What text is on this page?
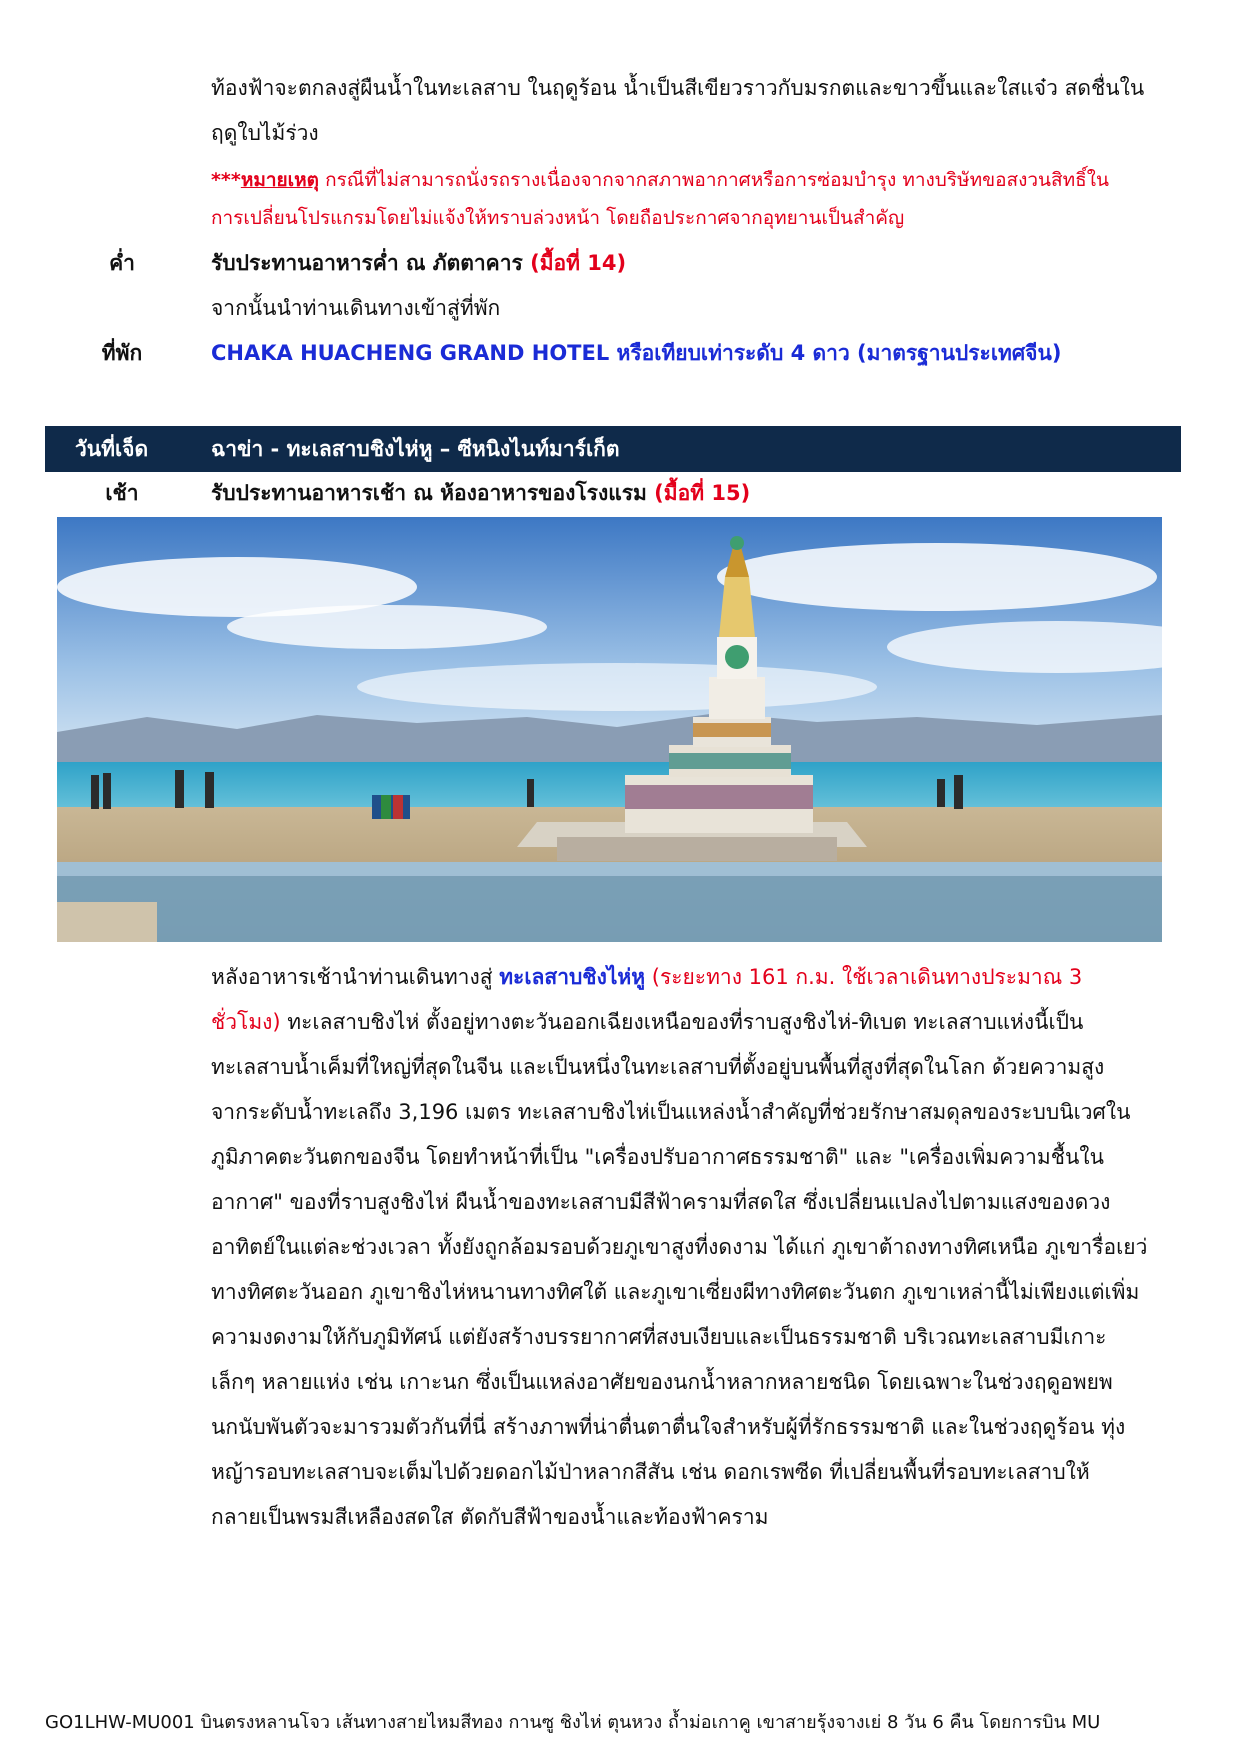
ท้องฟ้าจะตกลงสู่ผืนน้ำในทะเลสาบ ในฤดูร้อน น้ำเป็นสีเขียวราวกับมรกตและขาวขึ้นและใสแจ๋ว สดชื่นใน
ฤดูใบไม้ร่วง
***หมายเหตุ กรณีที่ไม่สามารถนั่งรถรางเนื่องจากจากสภาพอากาศหรือการซ่อมบำรุง ทางบริษัทขอสงวนสิทธิ์ใน
การเปลี่ยนโปรแกรมโดยไม่แจ้งให้ทราบล่วงหน้า โดยถือประกาศจากอุทยานเป็นสำคัญ
ค่ำ	รับประทานอาหารค่ำ ณ ภัตตาคาร (มื้อที่ 14)
จากนั้นนำท่านเดินทางเข้าสู่ที่พัก
ที่พัก	CHAKA HUACHENG GRAND HOTEL หรือเทียบเท่าระดับ 4 ดาว (มาตรฐานประเทศจีน)
วันที่เจ็ด	ฉาข่า - ทะเลสาบชิงไห่หู – ซีหนิงไนท์มาร์เก็ต
เช้า	รับประทานอาหารเช้า ณ ห้องอาหารของโรงแรม (มื้อที่ 15)
หลังอาหารเช้านำท่านเดินทางสู่ ทะเลสาบชิงไห่หู (ระยะทาง 161 ก.ม. ใช้เวลาเดินทางประมาณ 3
ชั่วโมง) ทะเลสาบชิงไห่ ตั้งอยู่ทางตะวันออกเฉียงเหนือของที่ราบสูงชิงไห่-ทิเบต ทะเลสาบแห่งนี้เป็น
ทะเลสาบน้ำเค็มที่ใหญ่ที่สุดในจีน และเป็นหนึ่งในทะเลสาบที่ตั้งอยู่บนพื้นที่สูงที่สุดในโลก ด้วยความสูง
จากระดับน้ำทะเลถึง 3,196 เมตร ทะเลสาบชิงไห่เป็นแหล่งน้ำสำคัญที่ช่วยรักษาสมดุลของระบบนิเวศใน
ภูมิภาคตะวันตกของจีน โดยทำหน้าที่เป็น "เครื่องปรับอากาศธรรมชาติ" และ "เครื่องเพิ่มความชื้นใน
อากาศ" ของที่ราบสูงชิงไห่ ผืนน้ำของทะเลสาบมีสีฟ้าครามที่สดใส ซึ่งเปลี่ยนแปลงไปตามแสงของดวง
อาทิตย์ในแต่ละช่วงเวลา ทั้งยังถูกล้อมรอบด้วยภูเขาสูงที่งดงาม ได้แก่ ภูเขาต้าถงทางทิศเหนือ ภูเขารื่อเยว่
ทางทิศตะวันออก ภูเขาชิงไห่หนานทางทิศใต้ และภูเขาเซี่ยงผีทางทิศตะวันตก ภูเขาเหล่านี้ไม่เพียงแต่เพิ่ม
ความงดงามให้กับภูมิทัศน์ แต่ยังสร้างบรรยากาศที่สงบเงียบและเป็นธรรมชาติ บริเวณทะเลสาบมีเกาะ
เล็กๆ หลายแห่ง เช่น เกาะนก ซึ่งเป็นแหล่งอาศัยของนกน้ำหลากหลายชนิด โดยเฉพาะในช่วงฤดูอพยพ
นกนับพันตัวจะมารวมตัวกันที่นี่ สร้างภาพที่น่าตื่นตาตื่นใจสำหรับผู้ที่รักธรรมชาติ และในช่วงฤดูร้อน ทุ่ง
หญ้ารอบทะเลสาบจะเต็มไปด้วยดอกไม้ป่าหลากสีสัน เช่น ดอกเรพซีด ที่เปลี่ยนพื้นที่รอบทะเลสาบให้
กลายเป็นพรมสีเหลืองสดใส ตัดกับสีฟ้าของน้ำและท้องฟ้าคราม
GO1LHW-MU001 บินตรงหลานโจว เส้นทางสายไหมสีทอง กานซู ชิงไห่ ตุนหวง ถ้ำม่อเกาคู เขาสายรุ้งจางเย่ 8 วัน 6 คืน โดยการบิน MU
